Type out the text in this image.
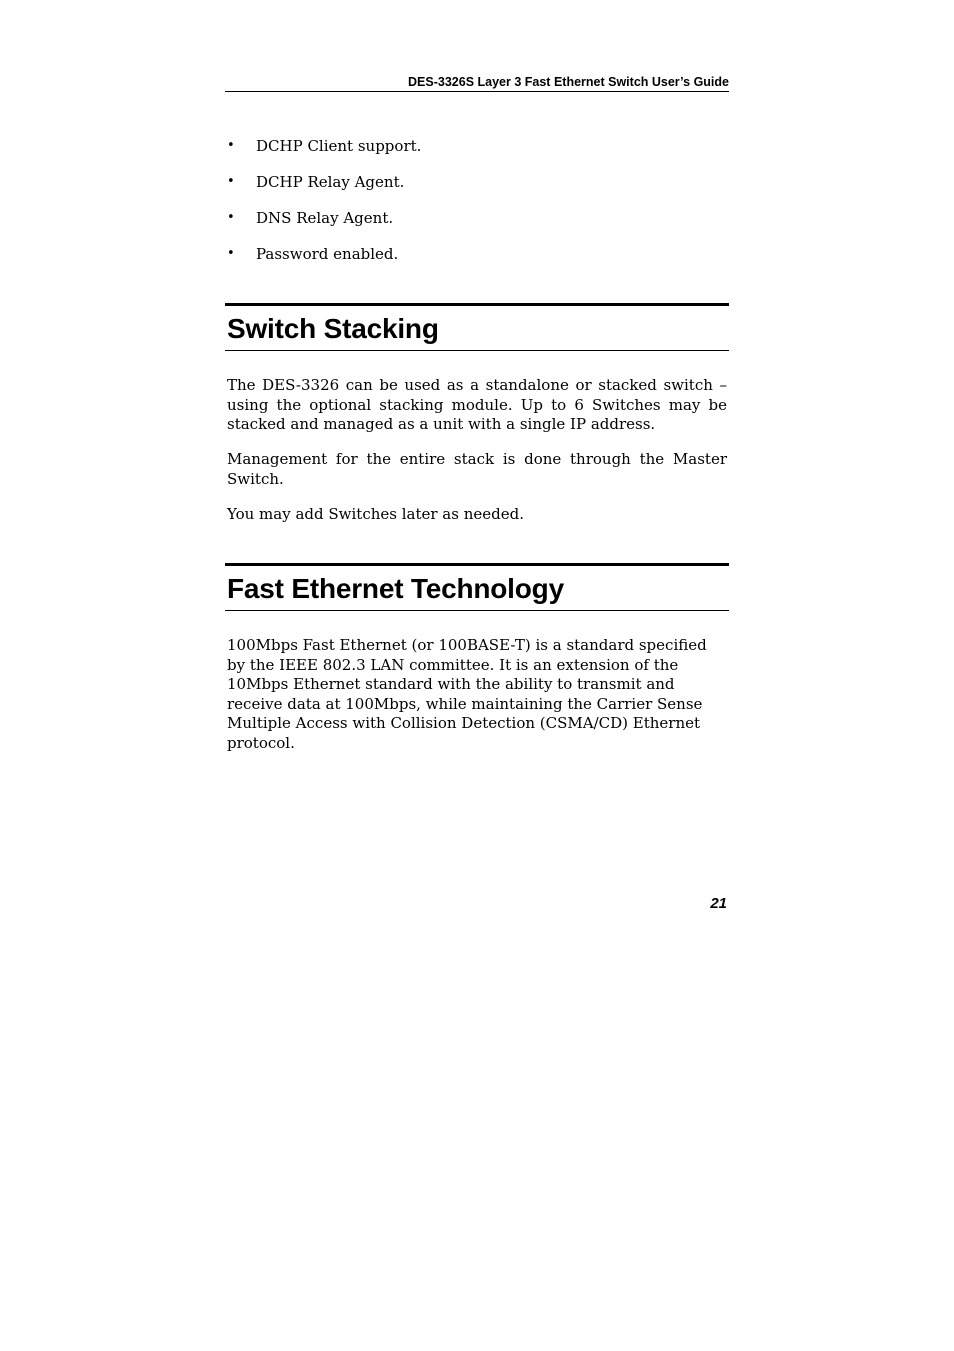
DES-3326S Layer 3 Fast Ethernet Switch User’s Guide
• DCHP Client support.
• DCHP Relay Agent.
• DNS Relay Agent.
• Password enabled.
Switch Stacking

The DES-3326 can be used as a standalone or stacked switch – using the optional stacking module. Up to 6 Switches may be stacked and managed as a unit with a single IP address.

Management for the entire stack is done through the Master Switch.

You may add Switches later as needed.

Fast Ethernet Technology

100Mbps Fast Ethernet (or 100BASE-T) is a standard specified by the IEEE 802.3 LAN committee. It is an extension of the 10Mbps Ethernet standard with the ability to transmit and receive data at 100Mbps, while maintaining the Carrier Sense Multiple Access with Collision Detection (CSMA/CD) Ethernet protocol.

21
